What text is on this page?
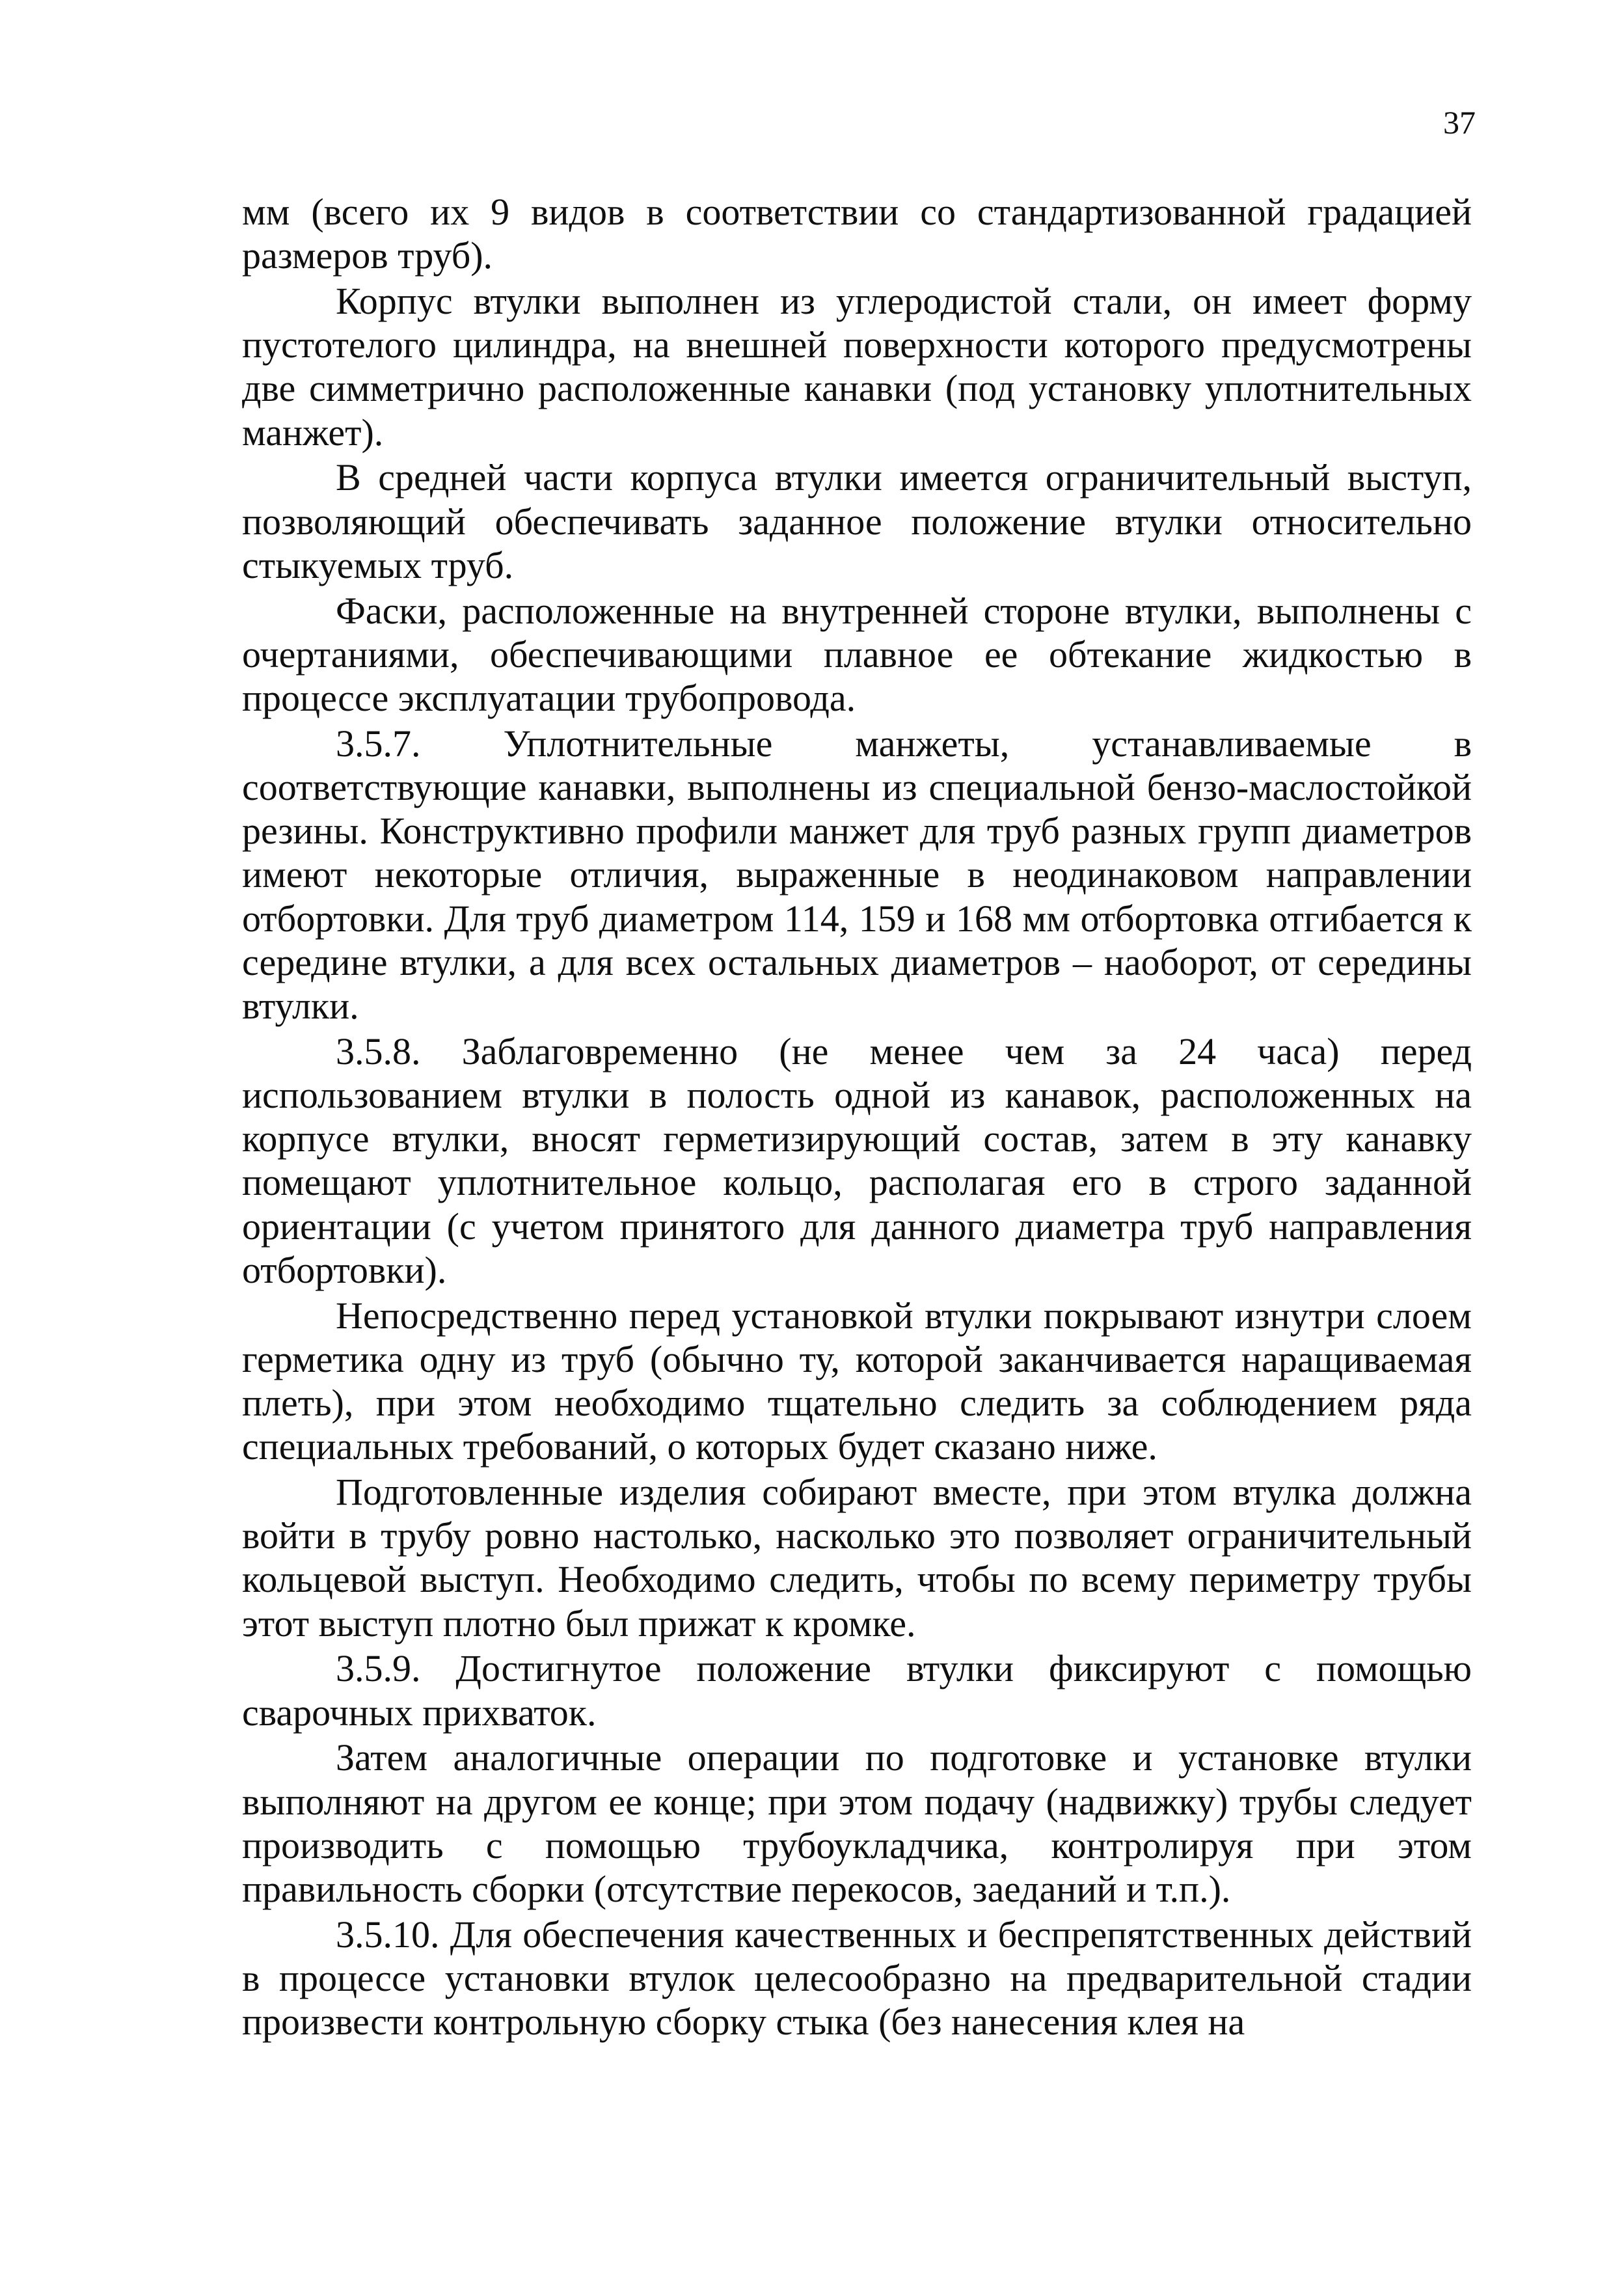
37

мм (всего их 9 видов в соответствии со стандартизованной градацией размеров труб).

Корпус втулки выполнен из углеродистой стали, он имеет форму пустотелого цилиндра, на внешней поверхности которого предусмотрены две симметрично расположенные канавки (под установку уплотнительных манжет).

В средней части корпуса втулки имеется ограничительный выступ, позволяющий обеспечивать заданное положение втулки относительно стыкуемых труб.

Фаски, расположенные на внутренней стороне втулки, выполнены с очертаниями, обеспечивающими плавное ее обтекание жидкостью в процессе эксплуатации трубопровода.

3.5.7. Уплотнительные манжеты, устанавливаемые в соответствующие канавки, выполнены из специальной бензо-маслостойкой резины. Конструктивно профили манжет для труб разных групп диаметров имеют некоторые отличия, выраженные в неодинаковом направлении отбортовки. Для труб диаметром 114, 159 и 168 мм отбортовка отгибается к середине втулки, а для всех остальных диаметров – наоборот, от середины втулки.

3.5.8. Заблаговременно (не менее чем за 24 часа) перед использованием втулки в полость одной из канавок, расположенных на корпусе втулки, вносят герметизирующий состав, затем в эту канавку помещают уплотнительное кольцо, располагая его в строго заданной ориентации (с учетом принятого для данного диаметра труб направления отбортовки).

Непосредственно перед установкой втулки покрывают изнутри слоем герметика одну из труб (обычно ту, которой заканчивается наращиваемая плеть), при этом необходимо тщательно следить за соблюдением ряда специальных требований, о которых будет сказано ниже.

Подготовленные изделия собирают вместе, при этом втулка должна войти в трубу ровно настолько, насколько это позволяет ограничительный кольцевой выступ. Необходимо следить, чтобы по всему периметру трубы этот выступ плотно был прижат к кромке.

3.5.9. Достигнутое положение втулки фиксируют с помощью сварочных прихваток.

Затем аналогичные операции по подготовке и установке втулки выполняют на другом ее конце; при этом подачу (надвижку) трубы следует производить с помощью трубоукладчика, контролируя при этом правильность сборки (отсутствие перекосов, заеданий и т.п.).

3.5.10. Для обеспечения качественных и беспрепятственных действий в процессе установки втулок целесообразно на предварительной стадии произвести контрольную сборку стыка (без нанесения клея на
